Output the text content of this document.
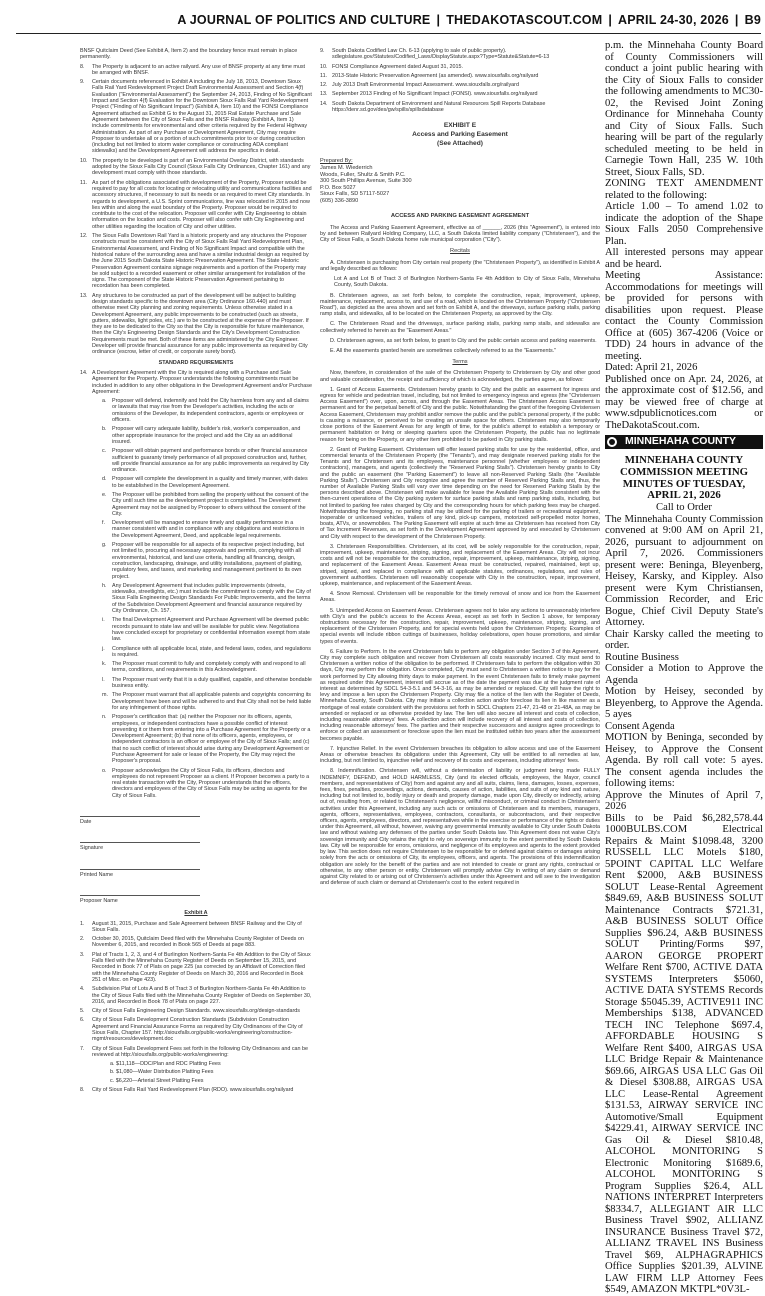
A JOURNAL OF POLITICS AND CULTURE | THEDAKOTASCOUT.COM | APRIL 24-30, 2026 | B9
BNSF Quitclaim Deed (See Exhibit A, Item 2) and the boundary fence must remain in place permanently.
8.	The Property is adjacent to an active railyard. Any use of BNSF property at any time must be arranged with BNSF.
9.	Certain documents referenced in Exhibit A including the July 18, 2013, Downtown Sioux Falls Rail Yard Redevelopment Project Draft Environmental Assessment and Section 4(f) Evaluation ("Environmental Assessment") the September 24, 2013, Finding of No Significant Impact and Section 4(f) Evaluation for the Downtown Sioux Falls Rail Yard Redevelopment Project ("Finding of No Significant Impact") (Exhibit A, Item 10) and the FONSI Compliance Agreement attached as Exhibit G to the August 31, 2015 Rail Estate Purchase and Sale Agreement between the City of Sioux Falls and the BNSF Railway (Exhibit A, Item 1) include commitments for environmental and other criteria required by the Federal Highway Administration. As part of any Purchase or Development Agreement, City may require Proposer to undertake all or a portion of such commitments prior to or during construction (including but not limited to storm water compliance or constructing ADA compliant sidewalks) and the Development Agreement will address the specifics in detail.
10. The property to be developed is part of an Environmental Overlay District, with standards adopted by the Sioux Falls City Council (Sioux Falls City Ordinances, Chapter 161) and any development must comply with those standards.
11. As part of the obligations associated with development of the Property, Proposer would be required to pay for all costs for locating or relocating utility and communications facilities and accessory structures, if necessary to suit its needs or as required to meet City standards. In regards to development, a U.S. Sprint communications, line was relocated in 2015 and now lies within and along the east boundary of the Property. Proposer would be required to contribute to the cost of the relocation. Proposer will confer with City Engineering to obtain information on the location and costs. Proposer will also confer with City Engineering and other utilities regarding the location of City and other utilities.
12. The Sioux Falls Downtown Rail Yard is a historic property and any structures the Proposer constructs must be consistent with the City of Sioux Falls Rail Yard Redevelopment Plan, Environmental Assessment, and Finding of No Significant Impact and compatible with the historical nature of the surrounding area and have a similar industrial design as required by the June 2015 South Dakota State Historic Preservation Agreement. The State Historic Preservation Agreement contains signage requirements and a portion of the Property may be sold subject to a recorded easement or other similar arrangement for installation of the signs. The component of the State Historic Preservation Agreement pertaining to recordation has been completed.
13. Any structures to be constructed as part of the development will be subject to building design standards specific to the downtown area (City Ordinance 160.440) and must otherwise meet City planning and zoning requirements. Unless otherwise stated in a Development Agreement, any public improvements to be constructed (such as streets, gutters, sidewalks, light poles, etc.) are to be constructed at the expense of the Proposer. If they are to be dedicated to the City so that the City is responsible for future maintenance, then the City's Engineering Design Standards and the City's Development Construction Requirements must be met. Both of these items are administered by the City Engineer. Developer will provide financial assurance for any public improvements as required by City ordinance (escrow, letter of credit, or corporate surety bond).
STANDARD REQUIREMENTS
14. A Development Agreement with the City is required along with a Purchase and Sale Agreement for the Property. Proposer understands the following commitments must be included in addition to any other obligations in the Development Agreement and/or Purchase Agreement:
a.	Proposer will defend, indemnify and hold the City harmless from any and all claims or lawsuits that may rise from the Developer's activities, including the acts or omissions of the Developer, its independent contractors, agents or employees or officers.
b.	Proposer will carry adequate liability, builder's risk, worker's compensation, and other appropriate insurance for the project and add the City as an additional insured.
c.	Proposer will obtain payment and performance bonds or other financial assurance sufficient to guaranty timely performance of all proposed construction and, further, will provide financial assurance as for any public improvements as required by City ordinance.
d.	Proposer will complete the development in a quality and timely manner, with dates to be established in the Development Agreement.
e.	The Proposer will be prohibited from selling the property without the consent of the City until such time as the development project is completed. The Development Agreement may not be assigned by Proposer to others without the consent of the City.
f.	Development will be managed to ensure timely and quality performance in a manner consistent with and in compliance with any obligations and restrictions in the Development Agreement, Deed, and applicable legal requirements.
g.	Proposer will be responsible for all aspects of its respective project including, but not limited to, procuring all necessary approvals and permits, complying with all environmental, historical, and land use criteria, handling all financing, design, construction, landscaping, drainage, and utility installations, payment of platting, regulatory fees, and taxes, and marketing and management pertinent to its own project.
h.	Any Development Agreement that includes public improvements (streets, sidewalks, streetlights, etc.) must include the commitment to comply with the City of Sioux Falls Engineering Design Standards For Public Improvements, and the terms of the Subdivision Development Agreement and financial assurance required by City Ordinance, Ch. 157.
i.	The final Development Agreement and Purchase Agreement will be deemed public records pursuant to state law and will be available for public view. Negotiations have concluded except for proprietary or confidential information exempt from state law.
j.	Compliance with all applicable local, state, and federal laws, codes, and regulations is required.
k.	The Proposer must commit to fully and completely comply with and respond to all terms, conditions, and requirements in this Acknowledgment.
l.	The Proposer must verify that it is a duly qualified, capable, and otherwise bondable business entity.
m. The Proposer must warrant that all applicable patents and copyrights concerning its Development have been and will be adhered to and that City shall not be held liable for any infringement of those rights.
n.	Proposer's certification that: (a) neither the Proposer nor its officers, agents, employees, or independent contractors have a possible conflict of interest preventing it or them from entering into a Purchase Agreement for the Property or a Development Agreement; (b) that none of its officers, agents, employees, or independent contractors is an officer or employee of the City of Sioux Falls; and (c) that no such conflict of interest should arise during any Development Agreement or Purchase Agreement for sale or lease of the Property, the City may reject the Proposer's proposal.
o.	Proposer acknowledges the City of Sioux Falls, its officers, directors and employees do not represent Proposer as a client. If Proposer becomes a party to a real estate transaction with the City, Proposer understands that the officers, directors and employees of the City of Sioux Falls may be acting as agents for the City of Sioux Falls.
Date
Signature
Printed Name
Proposer Name
Exhibit A
1.	August 31, 2015, Purchase and Sale Agreement between BNSF Railway and the City of Sioux Falls.
2.	October 30, 2015, Quitclaim Deed filed with the Minnehaha County Register of Deeds on November 6, 2015, and recorded in Book 565 of Deeds at page 883.
3.	Plat of Tracts 1, 2, 3, and 4 of Burlington Northern-Santa Fe 4th Addition to the City of Sioux Falls filed with the Minnehaha County Register of Deeds on September 15, 2015, and Recorded in Book 77 of Plats on page 225 (as corrected by an Affidavit of Correction filed with the Minnehaha County Register of Deeds on March 30, 2016 and Recorded in Book 251 of Misc. on Page 423).
4.	Subdivision Plat of Lots A and B of Tract 3 of Burlington Northern-Santa Fe 4th Addition to the City of Sioux Falls filed with the Minnehaha County Register of Deeds on September 30, 2016, and Recorded in Book 78 of Plats on page 227.
5.	City of Sioux Falls Engineering Design Standards. www.siouxfalls.org/design-standards
6.	City of Sioux Falls Development Construction Standards (Subdivision Construction Agreement and Financial Assurance Forms as required by City Ordinances of the City of Sioux Falls, Chapter 157. http://siouxfalls.org/public-works/engineering/construction-mgmt/resources/development.doc
7.	City of Sioux Falls Development Fees set forth in the following City Ordinances and can be reviewed at http://siouxfalls.org/public-works/engineering:
a. $11,118—DDC/Plan and RDC Platting Fees
b. $1,080—Water Distribution Platting Fees
c. $6,220—Arterial Street Platting Fees
8.	City of Sioux Falls Rail Yard Redevelopment Plan (RDO). www.siouxfalls.org/railyard
9.	South Dakota Codified Law Ch. 6-13 (applying to sale of public property). sdlegislature.gov/Statutes/Codified_Laws/DisplayStatute.aspx?Type=Statute&Statute=6-13
10. FONSI Compliance Agreement dated August 31, 2015.
11. 2013-State Historic Preservation Agreement (as amended). www.siouxfalls.org/railyard
12. July 2013 Draft Environmental Impact Assessment. www.siouxfalls.org/railyard
13. September 2013 Finding of No Significant Impact (FONSI). www.siouxfalls.org/railyard
14. South Dakota Department of Environment and Natural Resources Spill Reports Database https://denr.sd.gov/des/gw/spills/spillsdatabase
EXHIBIT E
Access and Parking Easement
(See Attached)
Prepared By:
James M. Wiederrich
Woods, Fuller, Shultz & Smith P.C.
300 South Phillips Avenue, Suite 300
P.O. Box 5027
Sioux Falls, SD 57117-5027
(605) 336-3890
ACCESS AND PARKING EASEMENT AGREEMENT
The Access and Parking Easement Agreement, effective as of ______, 2026 (this "Agreement"), is entered into by and between Railyard Holding Company, LLC, a South Dakota limited liability company ("Christensen"), and the City of Sioux Falls, a South Dakota home rule municipal corporation ("City").
Recitals
A. Christensen is purchasing from City certain real property (the "Christensen Property"), as identified in Exhibit A and legally described as follows:
Lot A and Lot B of Tract 3 of Burlington Northern-Santa Fe 4th Addition to City of Sioux Falls, Minnehaha County, South Dakota.
B. Christensen agrees, as set forth below, to complete the construction, repair, improvement, upkeep, maintenance, replacement, access to, and use of a road, which is located on the Christensen Property ("Christensen Road"), as depicted as the area shown and set forth on Exhibit A, and the driveways, surface parking stalls, parking ramp stalls, and sidewalks, all to be located on the Christensen Property, as approved by the City.
C. The Christensen Road and the driveways, surface parking stalls, parking ramp stalls, and sidewalks are collectively referred to herein as the "Easement Areas."
D. Christensen agrees, as set forth below, to grant to City and the public certain access and parking easements.
E. All the easements granted herein are sometimes collectively referred to as the "Easements."
Terms
Now, therefore, in consideration of the sale of the Christensen Property to Christensen by City and other good and valuable consideration, the receipt and sufficiency of which is acknowledged, the parties agree, as follows:
1. Grant of Access Easements. Christensen hereby grants to City and the public an easement for ingress and egress for vehicle and pedestrian travel, including, but not limited to emergency ingress and egress (the "Christensen Access Easement") over, upon, across, and through the Easement Areas. The Christensen Access Easement is permanent and for the perpetual benefit of City and the public. Notwithstanding the grant of the foregoing Christensen Access Easement, Christensen may prohibit and/or remove the public and the public's personal property, if the public is causing a nuisance, or perceived to be creating an unsafe space for others. Christensen may also temporarily close portions of the Easement Areas for any length of time, for the public's attempt to establish a temporary or permanent habitation or living or sleeping quarters upon the Christensen Property, the public has no legitimate reason for being on the Property, or any other item prohibited to be parked in City parking stalls.
2. Grant of Parking Easement. Christensen will offer leased parking stalls for use by the residential, office, and commercial tenants of the Christensen Property (the "Tenants"), and may designate reserved parking stalls for the Tenants and for Christensen and its employees, maintenance personnel (whether employees or independent contractors), managers, and agents (collectively the "Reserved Parking Stalls"). Christensen hereby grants to City and the public an easement (the "Parking Easement") to leave all non-Reserved Parking Stalls (the "Available Parking Stalls"). Christensen and City recognize and agree the number of Reserved Parking Stalls and, thus, the number of Available Parking Stalls will vary over time depending on the need for Reserved Parking Stalls by the persons described above. Christensen will make available for lease the Available Parking Stalls consistent with the then-current operations of the City parking system for surface parking stalls and ramp parking stalls, including, but not limited to parking fee rates charged by City and the corresponding hours for which parking fees may be charged. Notwithstanding the foregoing, no parking stall may be utilized for the parking of trailers or recreational equipment, inoperable or unlicensed vehicles, trailers of any kind, pick-up campers, motorized self-propelled motor homes, boats, ATVs, or snowmobiles. The Parking Easement will expire at such time as Christensen has received from City of Tax Increment Revenues, as set forth in the Development Agreement approved by and executed by Christensen and City with respect to the development of the Christensen Property.
3. Christensen Responsibilities. Christensen, at its cost, will be solely responsible for the construction, repair, improvement, upkeep, maintenance, striping, signing, and replacement of the Easement Areas. City will not incur costs and will not be responsible for the construction, repair, improvement, upkeep, maintenance, striping, signing, and replacement of the Easement Areas. Easement Areas must be constructed, repaired, maintained, kept up, striped, signed, and replaced in compliance with all applicable statutes, ordinances, regulations, and rules of government authorities. Christensen will reasonably cooperate with City in the construction, repair, improvement, upkeep, maintenance, and replacement of the Easement Areas.
4. Snow Removal. Christensen will be responsible for the timely removal of snow and ice from the Easement Areas.
5. Unimpeded Access on Easement Areas. Christensen agrees not to take any actions to unreasonably interfere with City's and the public's access to the Access Areas, except as set forth in Section 1 above, for temporary obstructions necessary for the construction, repair, improvement, upkeep, maintenance, striping, signing, and replacement of the Christensen Property, and for special events held upon the Christensen Property. Examples of special events will include ribbon cuttings of businesses, holiday celebrations, open house promotions, and similar types of events.
6. Failure to Perform. In the event Christensen fails to perform any obligation under Section 3 of this Agreement, City may complete such obligation and recover from Christensen all costs reasonably incurred. City must send to Christensen a written notice of the obligation to be performed. If Christensen fails to perform the obligation within 30 days, City may perform the obligation. Once completed, City must send to Christensen a written notice to pay for the work performed by City allowing thirty days to make payment. In the event Christensen fails to timely make payment as required under this Agreement, interest will accrue as of the date the payment was due at the judgment rate of interest as determined by SDCL 54-3-5.1 and 54-3-16, as may be amended or replaced. City will have the right to levy and impose a lien upon the Christensen Property. City may file a notice of the lien with the Register of Deeds, Minnehaha County, South Dakota. City may initiate a collection action and/or foreclose its lien in like manner as a mortgage of real estate consistent with the provisions set forth in SDCL Chapters 21-47, 21-48 or 21-48A, as may be amended or replaced or as otherwise provided by law. The lien will also secure all interest and costs of collection, including reasonable attorneys' fees. A collection action will include recovery of all interest and costs of collection, including reasonable attorneys' fees. The parties and their respective successors and assigns agree proceedings to enforce or collect an assessment or foreclose upon the lien must be instituted within two years after the assessment becomes payable.
7. Injunctive Relief. In the event Christensen breaches its obligation to allow access and use of the Easement Areas or otherwise breaches its obligations under this Agreement, City will be entitled to all remedies at law, including, but not limited to, injunctive relief and recovery of its costs and expenses, including attorneys' fees.
8. Indemnification. Christensen will, without a determination of liability or judgment being made FULLY INDEMNIFY, DEFEND, and HOLD HARMLESS, City (and its elected officials, employees, the Mayor, council members, and representatives of City) from and against any and all suits, claims, liens, damages, losses, expenses, fees, fines, penalties, proceedings, actions, demands, causes of action, liabilities, and suits of any kind and nature, including but not limited to, bodily injury or death and property damage, made upon City, directly or indirectly, arising out of, resulting from, or related to Christensen's negligence, willful misconduct, or criminal conduct in Christensen's activities under this Agreement, including any such acts or omissions of Christensen and its members, managers, agents, officers, representatives, employees, contractors, consultants, or subcontractors, and their respective officers, agents, employees, directors, and representatives while in the exercise or performance of the rights or duties under this Agreement, all without, however, waiving any governmental immunity available to City under South Dakota law and without waiving any defenses of the parties under South Dakota law. This Agreement does not waive City's sovereign immunity and City retains the right to rely on sovereign immunity to the extent permitted by South Dakota law. City will be responsible for errors, omissions, and negligence of its employees and agents to the extent provided by law. This section does not require Christensen to be responsible for or defend against claims or damages arising solely from the acts or omissions of City, its employees, officers, and agents. The provisions of this indemnification obligation are solely for the benefit of the parties and are not intended to create or grant any rights, contractual or otherwise, to any other person or entity. Christensen will promptly advise City in writing of any claim or demand against City related to or arising out of Christensen's activities under this Agreement and will see to the investigation and defense of such claim or demand at Christensen's cost to the extent required in
p.m. the Minnehaha County Board of County Commissioners will conduct a joint public hearing with the City of Sioux Falls to consider the following amendments to MC30-02, the Revised Joint Zoning Ordinance for Minnehaha County and City of Sioux Falls. Such hearing will be part of the regularly scheduled meeting to be held in Carnegie Town Hall, 235 W. 10th Street, Sioux Falls, SD.
ZONING TEXT AMENDMENT related to the following:
Article 1.00 – To amend 1.02 to indicate the adoption of the Shape Sioux Falls 2050 Comprehensive Plan.
All interested persons may appear and be heard.
Meeting Assistance: Accommodations for meetings will be provided for persons with disabilities upon request. Please contact the County Commission Office at (605) 367-4206 (Voice or TDD) 24 hours in advance of the meeting.
Dated: April 21, 2026
Published once on Apr. 24, 2026, at the approximate cost of $12.56, and may be viewed free of charge at www.sdpublicnotices.com or TheDakotaScout.com.
MINNEHAHA COUNTY
MINNEHAHA COUNTY COMMISSION MEETING MINUTES OF TUESDAY, APRIL 21, 2026
Call to Order
The Minnehaha County Commission convened at 9:00 AM on April 21, 2026, pursuant to adjournment on April 7, 2026. Commissioners present were: Beninga, Bleyenberg, Heisey, Karsky, and Kippley. Also present were Kym Christiansen, Commission Recorder, and Eric Bogue, Chief Civil Deputy State's Attorney.
Chair Karsky called the meeting to order.
Routine Business
Consider a Motion to Approve the Agenda
Motion by Heisey, seconded by Bleyenberg, to Approve the Agenda. 5 ayes
Consent Agenda
MOTION by Beninga, seconded by Heisey, to Approve the Consent Agenda. By roll call vote: 5 ayes. The consent agenda includes the following items:
Approve the Minutes of April 7, 2026
Bills to be Paid $6,282,578.44 1000BULBS.COM Electrical Repairs & Maint $1098.48, 3200 RUSSELL LLC Motels $180, 5POINT CAPITAL LLC Welfare Rent $2000, A&B BUSINESS SOLUT Lease-Rental Agreement $849.69, A&B BUSINESS SOLUT Maintenance Contracts $721.31, A&B BUSINESS SOLUT Office Supplies $96.24, A&B BUSINESS SOLUT Printing/Forms $97, AARON GEORGE PROPERT Welfare Rent $700, ACTIVE DATA SYSTEMS Interpreters $5060, ACTIVE DATA SYSTEMS Records Storage $5045.39, ACTIVE911 INC Memberships $138, ADVANCED TECH INC Telephone $697.4, AFFORDABLE HOUSING S Welfare Rent $400, AIRGAS USA LLC Bridge Repair & Maintenance $69.66, AIRGAS USA LLC Gas Oil & Diesel $308.88, AIRGAS USA LLC Lease-Rental Agreement $131.53, AIRWAY SERVICE INC Automotive/Small Equipment $4229.41, AIRWAY SERVICE INC Gas Oil & Diesel $810.48, ALCOHOL MONITORING S Electronic Monitoring $1689.6, ALCOHOL MONITORING S Program Supplies $26.4, ALL NATIONS INTERPRET Interpreters $8334.7, ALLEGIANT AIR LLC Business Travel $902, ALLIANZ INSURANCE Business Travel $72, ALLIANZ TRAVEL INS Business Travel $69, ALPHAGRAPHICS Office Supplies $201.39, ALVINE LAW FIRM LLP Attorney Fees $549, AMAZON MKTPL*0V3L-
